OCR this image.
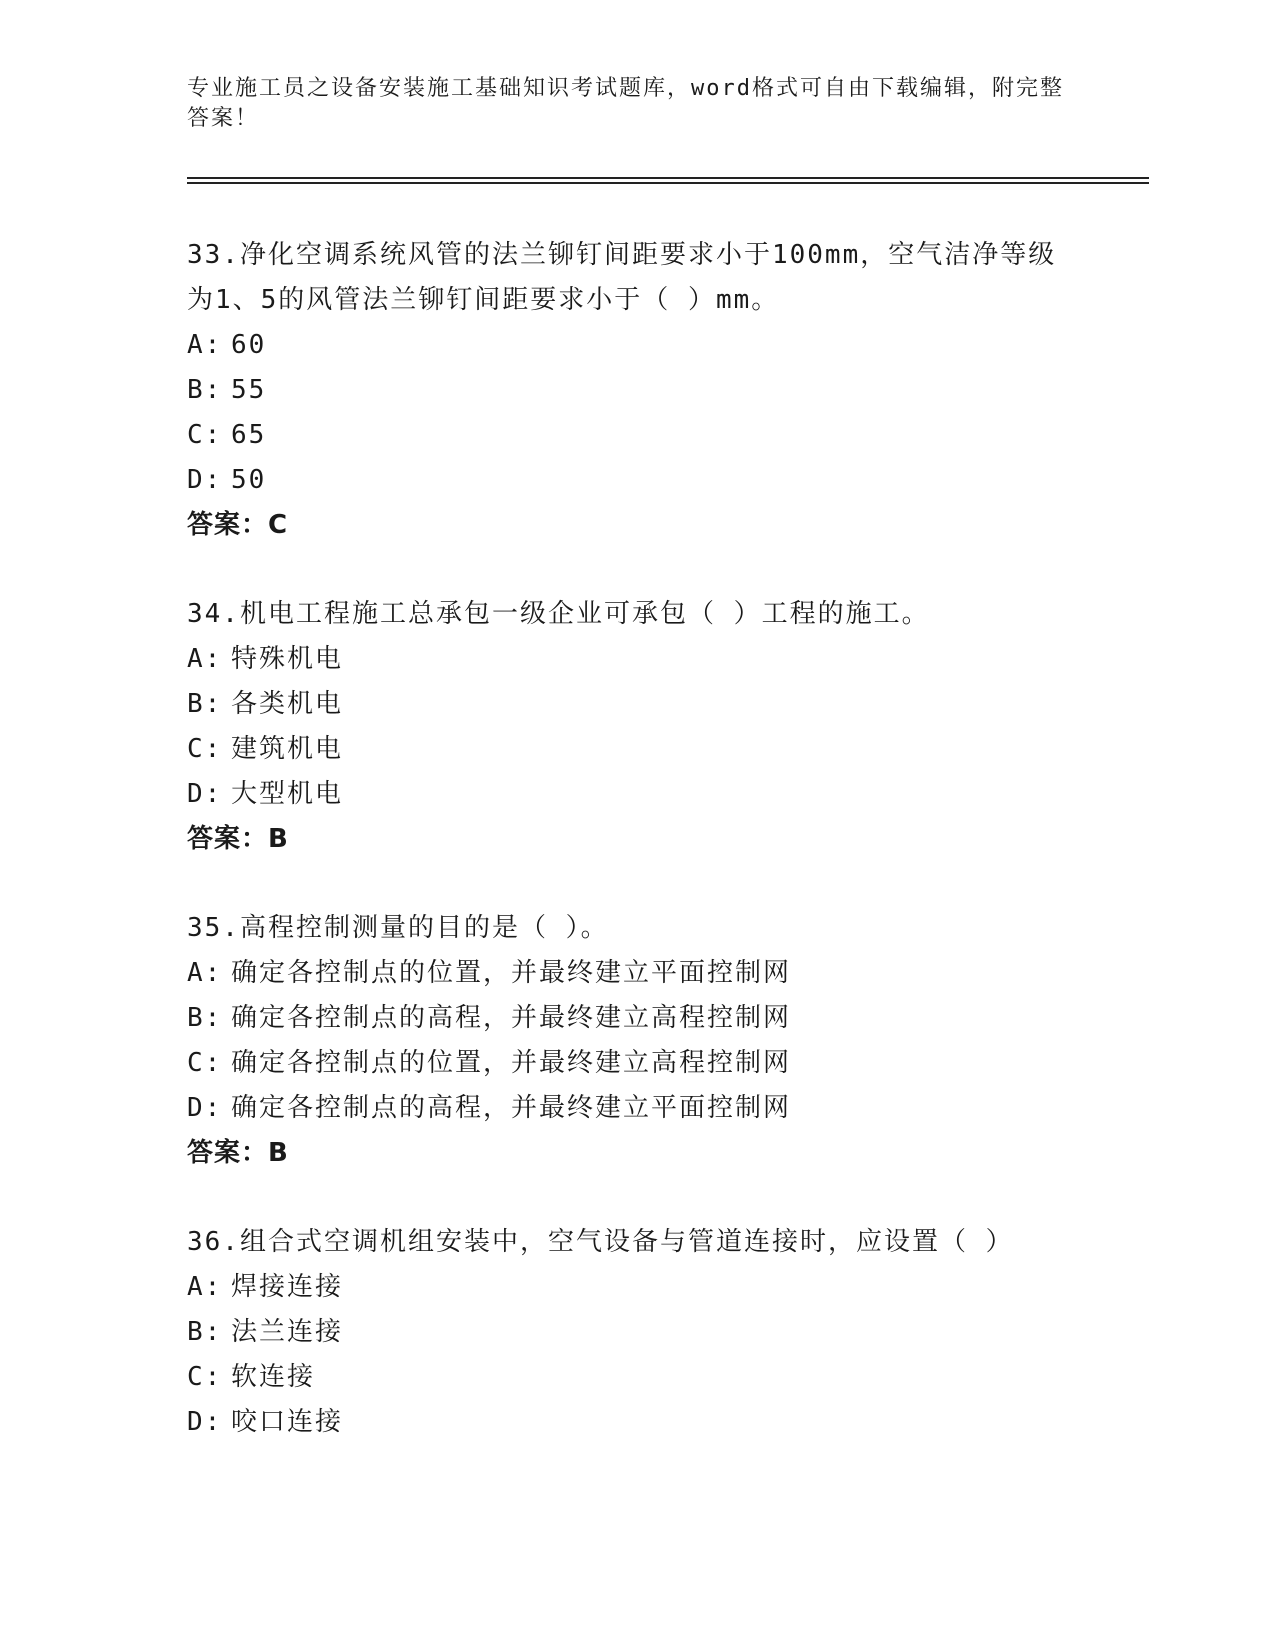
专业施工员之设备安装施工基础知识考试题库，word格式可自由下载编辑，附完整答案！
33.净化空调系统风管的法兰铆钉间距要求小于100mm，空气洁净等级为1、5的风管法兰铆钉间距要求小于（ ）mm。
A: 60
B: 55
C: 65
D: 50
答案：C
34.机电工程施工总承包一级企业可承包（ ）工程的施工。
A: 特殊机电
B: 各类机电
C: 建筑机电
D: 大型机电
答案：B
35.高程控制测量的目的是（ ）。
A: 确定各控制点的位置，并最终建立平面控制网
B: 确定各控制点的高程，并最终建立高程控制网
C: 确定各控制点的位置，并最终建立高程控制网
D: 确定各控制点的高程，并最终建立平面控制网
答案：B
36.组合式空调机组安装中，空气设备与管道连接时，应设置（ ）
A: 焊接连接
B: 法兰连接
C: 软连接
D: 咬口连接
